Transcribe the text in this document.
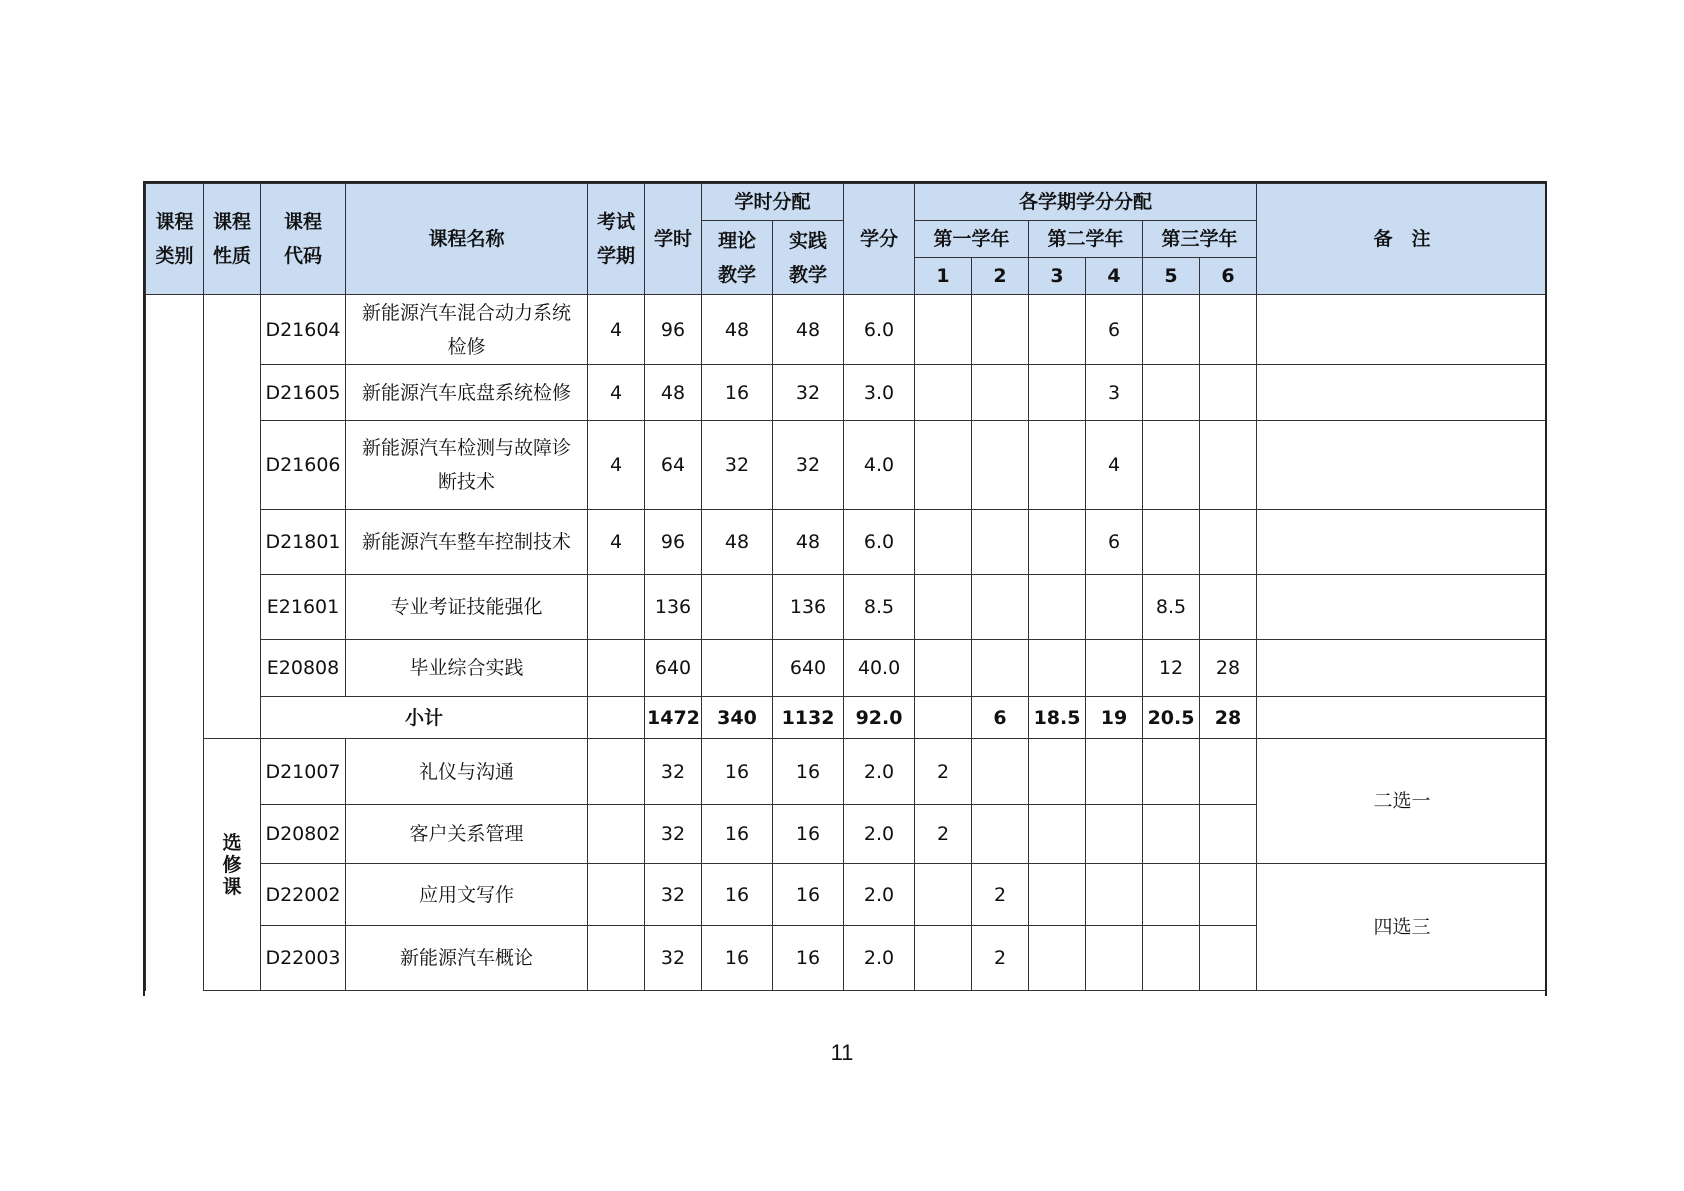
课程类别	课程性质	课程代码	课程名称	考试学期	学时	学时分配		学分	各学期学分分配						备　注
						理论教学	实践教学		第一学年		第二学年		第三学年		
									1	2	3	4	5	6	
		D21604	新能源汽车混合动力系统检修	4	96	48	48	6.0				6			
		D21605	新能源汽车底盘系统检修	4	48	16	32	3.0				3			
		D21606	新能源汽车检测与故障诊断技术	4	64	32	32	4.0				4			
		D21801	新能源汽车整车控制技术	4	96	48	48	6.0				6			
		E21601	专业考证技能强化		136		136	8.5					8.5		
		E20808	毕业综合实践		640		640	40.0					12	28	
		小计			1472	340	1132	92.0		6	18.5	19	20.5	28	
	选修课	D21007	礼仪与沟通		32	16	16	2.0	2						二选一
		D20802	客户关系管理		32	16	16	2.0	2						
		D22002	应用文写作		32	16	16	2.0		2					四选三
		D22003	新能源汽车概论		32	16	16	2.0		2					
11
